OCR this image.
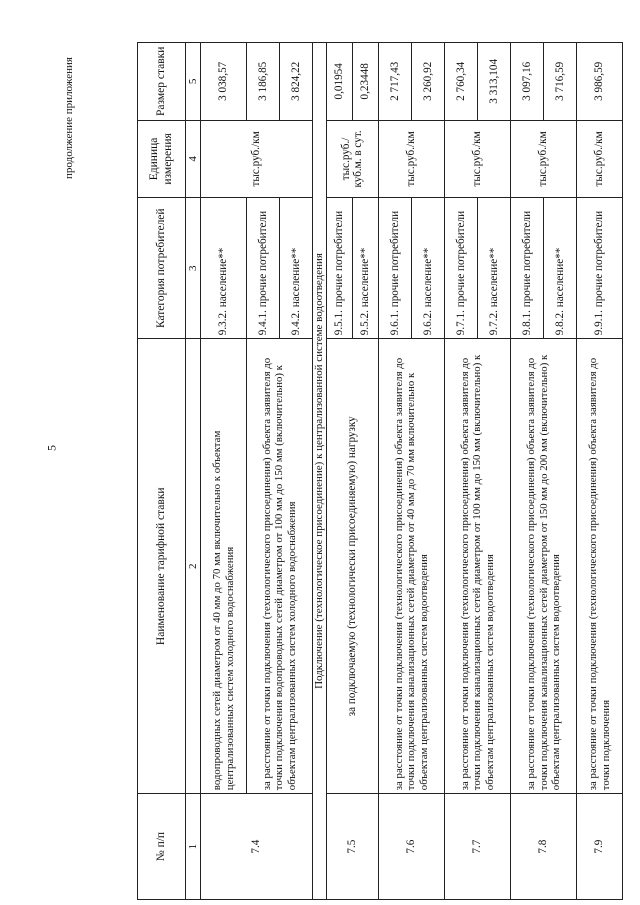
5
продолжение приложения
№ п/п	Наименование тарифной ставки	Категория потребителей	Единица измерения	Размер ставки
1	2	3	4	5
7.4	водопроводных сетей диаметром от 40 мм до 70 мм включительно к объектам централизованных систем холодного водоснабжения	9.3.2. население**	тыс.руб./км	3 038,57
	за расстояние от точки подключения (технологического присоединения) объекта заявителя до точки подключения водопроводных сетей диаметром от 100 мм до 150 мм (включительно) к объектам централизованных систем холодного водоснабжения	9.4.1. прочие потребители		3 186,85
		9.4.2. население**		3 824,22
Подключение (технологическое присоединение) к централизованной системе водоотведения				
7.5	за подключаемую (технологически присоединяемую) нагрузку	9.5.1. прочие потребители	тыс.руб./ куб.м. в сут.	0,01954
		9.5.2. население**		0,23448
7.6	за расстояние от точки подключения (технологического присоединения) объекта заявителя до точки подключения канализационных сетей диаметром от 40 мм до 70 мм включительно к объектам централизованных систем водоотведения	9.6.1. прочие потребители	тыс.руб./км	2 717,43
		9.6.2. население**		3 260,92
7.7	за расстояние от точки подключения (технологического присоединения) объекта заявителя до точки подключения канализационных сетей диаметром от 100 мм до 150 мм (включительно) к объектам централизованных систем водоотведения	9.7.1. прочие потребители	тыс.руб./км	2 760,34
		9.7.2. население**		3 313,104
7.8	за расстояние от точки подключения (технологического присоединения) объекта заявителя до точки подключения канализационных сетей диаметром от 150 мм до 200 мм (включительно) к объектам централизованных систем водоотведения	9.8.1. прочие потребители	тыс.руб./км	3 097,16
		9.8.2. население**		3 716,59
7.9	за расстояние от точки подключения (технологического присоединения) объекта заявителя до точки подключения	9.9.1. прочие потребители	тыс.руб./км	3 986,59
